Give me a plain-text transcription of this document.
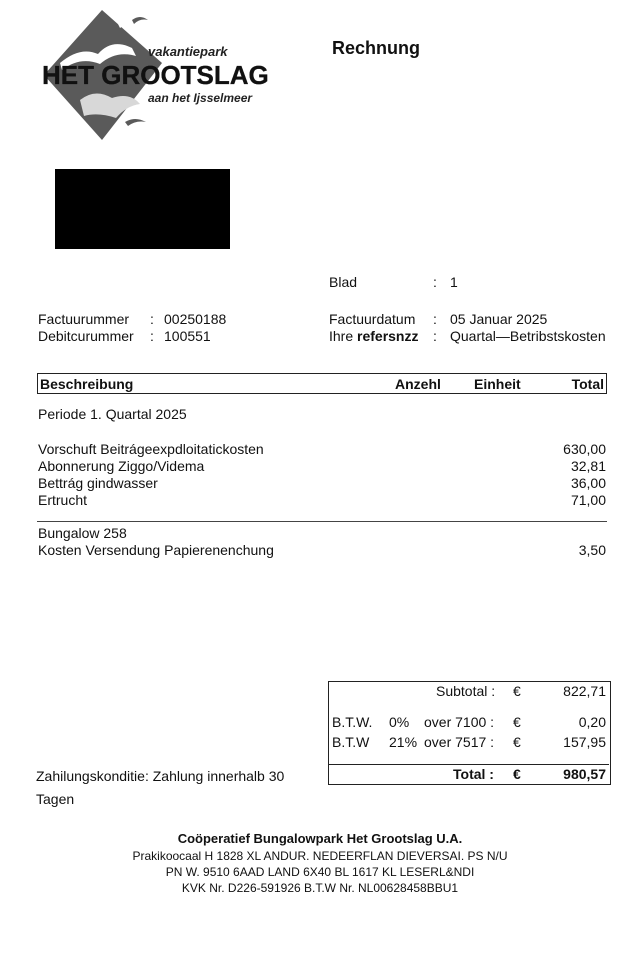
vakantiepark
HET GROOTSLAG
aan het Ijsselmeer
Rechnung
Blad	: 1
Factuurummer : 00250188
Debitcurummer : 100551
Factuurdatum : 05 Januar 2025
Ihre refersnzz : Quartal—Betribstskosten
Beschreibung	Anzehl Einheit	Total
Periode 1. Quartal 2025
Vorschuft Beitrágeexpdloitatickosten	630,00
Abonnerung Ziggo/Videma	32,81
Bettrág gindwasser	36,00
Ertrucht	71,00
Bungalow 258
Kosten Versendung Papierenenchung	3,50
Subtotal : €	822,71
B.T.W. 0% over 7100 : €	0,20
B.T.W 21% over 7517 : €	157,95
Total : €	980,57
Zahilungskonditie: Zahlung innerhalb 30
Tagen
Coöperatief Bungalowpark Het Grootslag U.A.
Prakikoocaal H 1828 XL ANDUR. NEDEERFLAN DIEVERSAI. PS N/U
PN W. 9510 6AAD LAND 6X40 BL 1617 KL LESERL&NDI
KVK Nr. D226-591926 B.T.W Nr. NL00628458BBU1
